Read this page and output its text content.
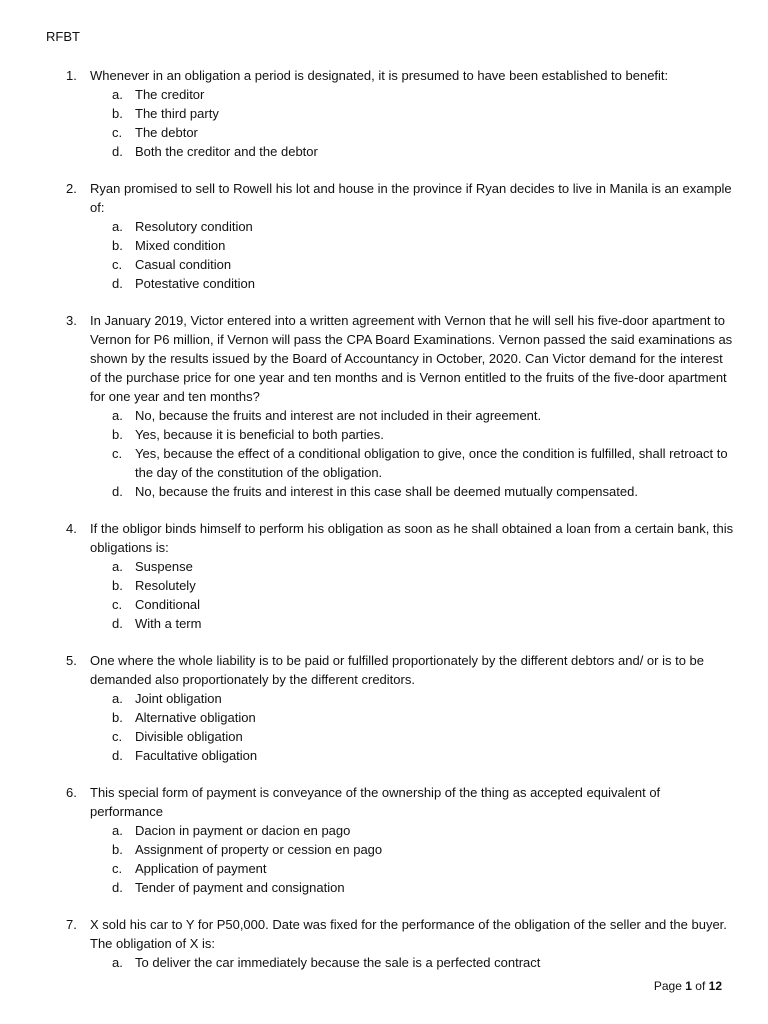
RFBT
1. Whenever in an obligation a period is designated, it is presumed to have been established to benefit:
a. The creditor
b. The third party
c. The debtor
d. Both the creditor and the debtor
2. Ryan promised to sell to Rowell his lot and house in the province if Ryan decides to live in Manila is an example of:
a. Resolutory condition
b. Mixed condition
c. Casual condition
d. Potestative condition
3. In January 2019, Victor entered into a written agreement with Vernon that he will sell his five-door apartment to Vernon for P6 million, if Vernon will pass the CPA Board Examinations. Vernon passed the said examinations as shown by the results issued by the Board of Accountancy in October, 2020. Can Victor demand for the interest of the purchase price for one year and ten months and is Vernon entitled to the fruits of the five-door apartment for one year and ten months?
a. No, because the fruits and interest are not included in their agreement.
b. Yes, because it is beneficial to both parties.
c. Yes, because the effect of a conditional obligation to give, once the condition is fulfilled, shall retroact to the day of the constitution of the obligation.
d. No, because the fruits and interest in this case shall be deemed mutually compensated.
4. If the obligor binds himself to perform his obligation as soon as he shall obtained a loan from a certain bank, this obligations is:
a. Suspense
b. Resolutely
c. Conditional
d. With a term
5. One where the whole liability is to be paid or fulfilled proportionately by the different debtors and/ or is to be demanded also proportionately by the different creditors.
a. Joint obligation
b. Alternative obligation
c. Divisible obligation
d. Facultative obligation
6. This special form of payment is conveyance of the ownership of the thing as accepted equivalent of performance
a. Dacion in payment or dacion en pago
b. Assignment of property or cession en pago
c. Application of payment
d. Tender of payment and consignation
7. X sold his car to Y for P50,000. Date was fixed for the performance of the obligation of the seller and the buyer. The obligation of X is:
a. To deliver the car immediately because the sale is a perfected contract
Page 1 of 12
